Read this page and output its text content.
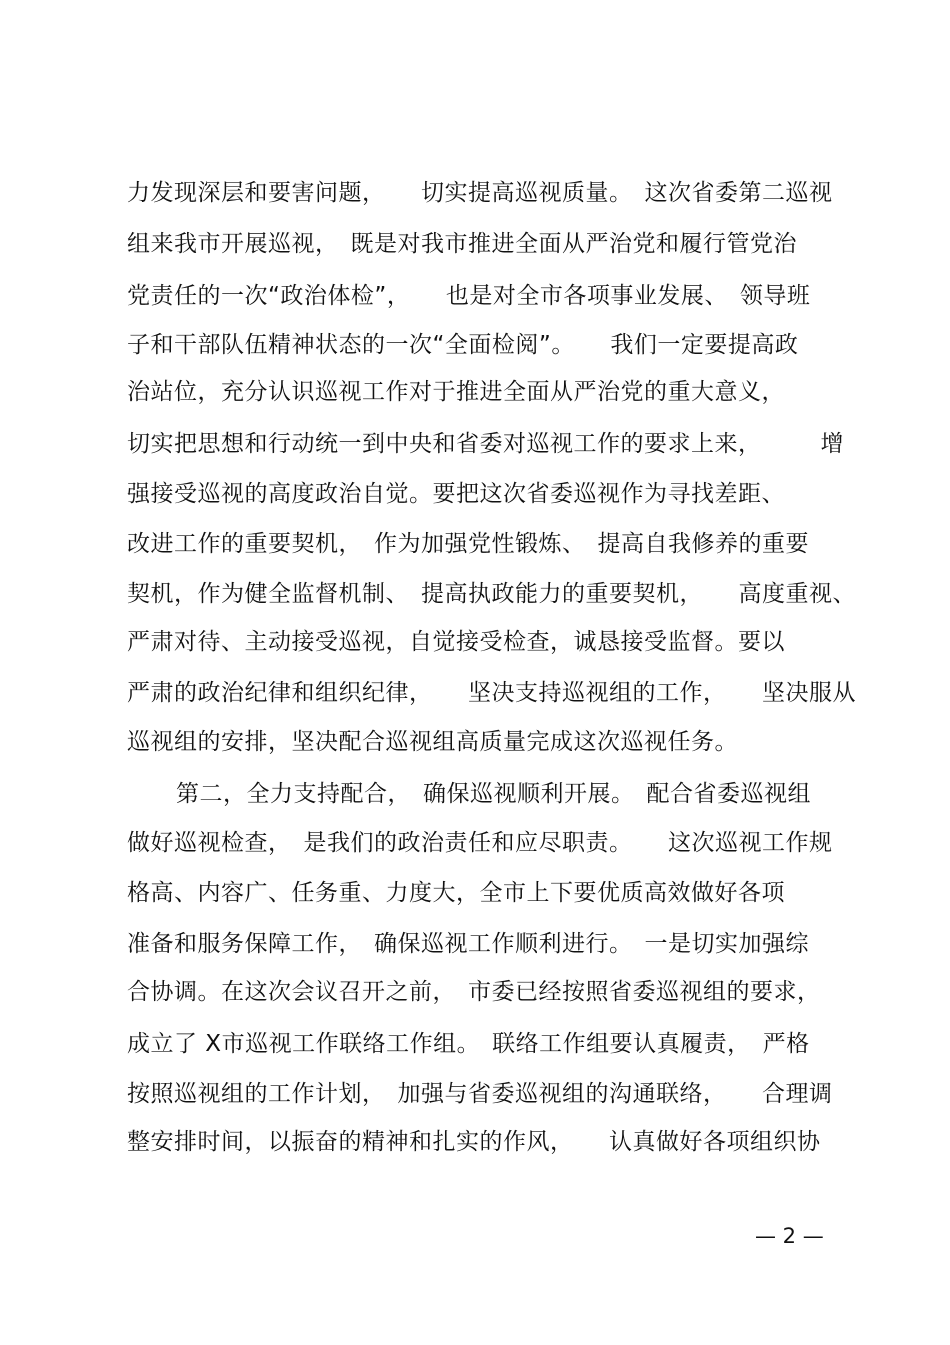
力发现深层和要害问题，　　切实提高巡视质量。　这次省委第二巡视
组来我市开展巡视，　既是对我市推进全面从严治党和履行管党治
党责任的一次“政治体检”，　　也是对全市各项事业发展、　领导班
子和干部队伍精神状态的一次“全面检阅”。　　我们一定要提高政
治站位，充分认识巡视工作对于推进全面从严治党的重大意义，
切实把思想和行动统一到中央和省委对巡视工作的要求上来，　　　增
强接受巡视的高度政治自觉。要把这次省委巡视作为寻找差距、
改进工作的重要契机，　作为加强党性锻炼、　提高自我修养的重要
契机，作为健全监督机制、　提高执政能力的重要契机，　　高度重视、
严肃对待、主动接受巡视，自觉接受检查，诚恳接受监督。要以
严肃的政治纪律和组织纪律，　　坚决支持巡视组的工作，　　坚决服从
巡视组的安排，坚决配合巡视组高质量完成这次巡视任务。
第二，全力支持配合，　确保巡视顺利开展。　配合省委巡视组
做好巡视检查，　是我们的政治责任和应尽职责。　　这次巡视工作规
格高、内容广、任务重、力度大，全市上下要优质高效做好各项
准备和服务保障工作，　确保巡视工作顺利进行。　一是切实加强综
合协调。在这次会议召开之前，　市委已经按照省委巡视组的要求，
成立了 X市巡视工作联络工作组。　联络工作组要认真履责，　严格
按照巡视组的工作计划，　加强与省委巡视组的沟通联络，　　合理调
整安排时间，以振奋的精神和扎实的作风，　　认真做好各项组织协
— 2 —
